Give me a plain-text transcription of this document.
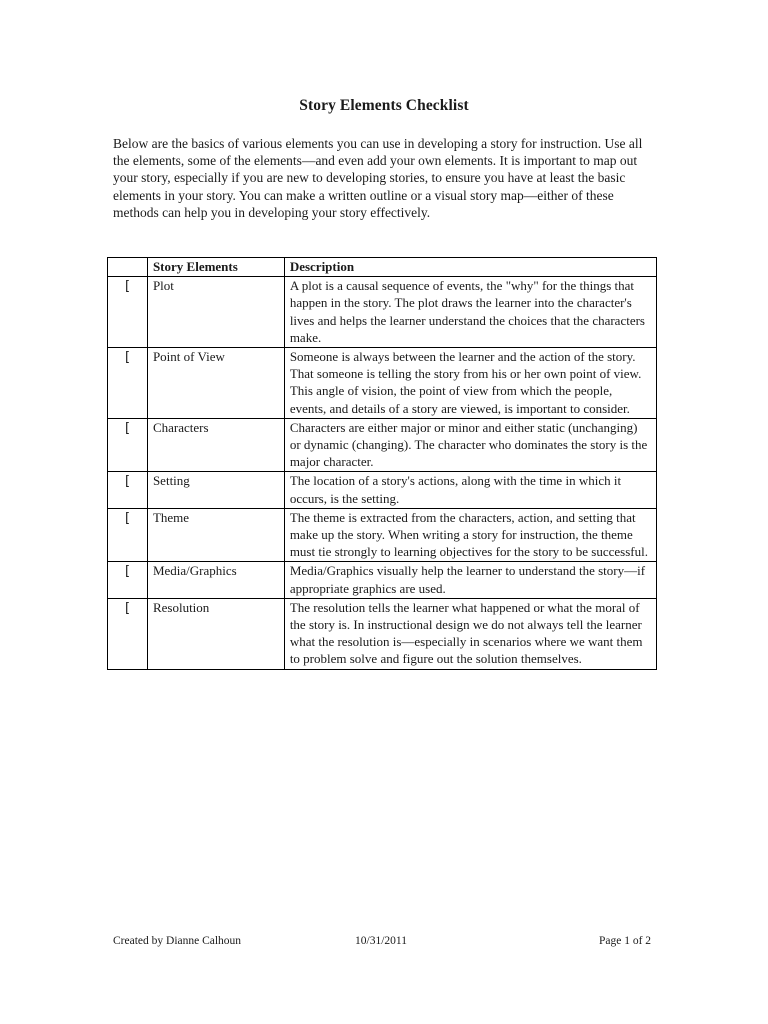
Story Elements Checklist

Below are the basics of various elements you can use in developing a story for instruction. Use all the elements, some of the elements—and even add your own elements. It is important to map out your story, especially if you are new to developing stories, to ensure you have at least the basic elements in your story. You can make a written outline or a visual story map—either of these methods can help you in developing your story effectively.

	Story Elements	Description
[	Plot	A plot is a causal sequence of events, the "why" for the things that happen in the story. The plot draws the learner into the character's lives and helps the learner understand the choices that the characters make.
[	Point of View	Someone is always between the learner and the action of the story. That someone is telling the story from his or her own point of view. This angle of vision, the point of view from which the people, events, and details of a story are viewed, is important to consider.
[	Characters	Characters are either major or minor and either static (unchanging) or dynamic (changing). The character who dominates the story is the major character.
[	Setting	The location of a story's actions, along with the time in which it occurs, is the setting.
[	Theme	The theme is extracted from the characters, action, and setting that make up the story. When writing a story for instruction, the theme must tie strongly to learning objectives for the story to be successful.
[	Media/Graphics	Media/Graphics visually help the learner to understand the story—if appropriate graphics are used.
[	Resolution	The resolution tells the learner what happened or what the moral of the story is. In instructional design we do not always tell the learner what the resolution is—especially in scenarios where we want them to problem solve and figure out the solution themselves.
Created by Dianne Calhoun	10/31/2011	Page 1 of 2
